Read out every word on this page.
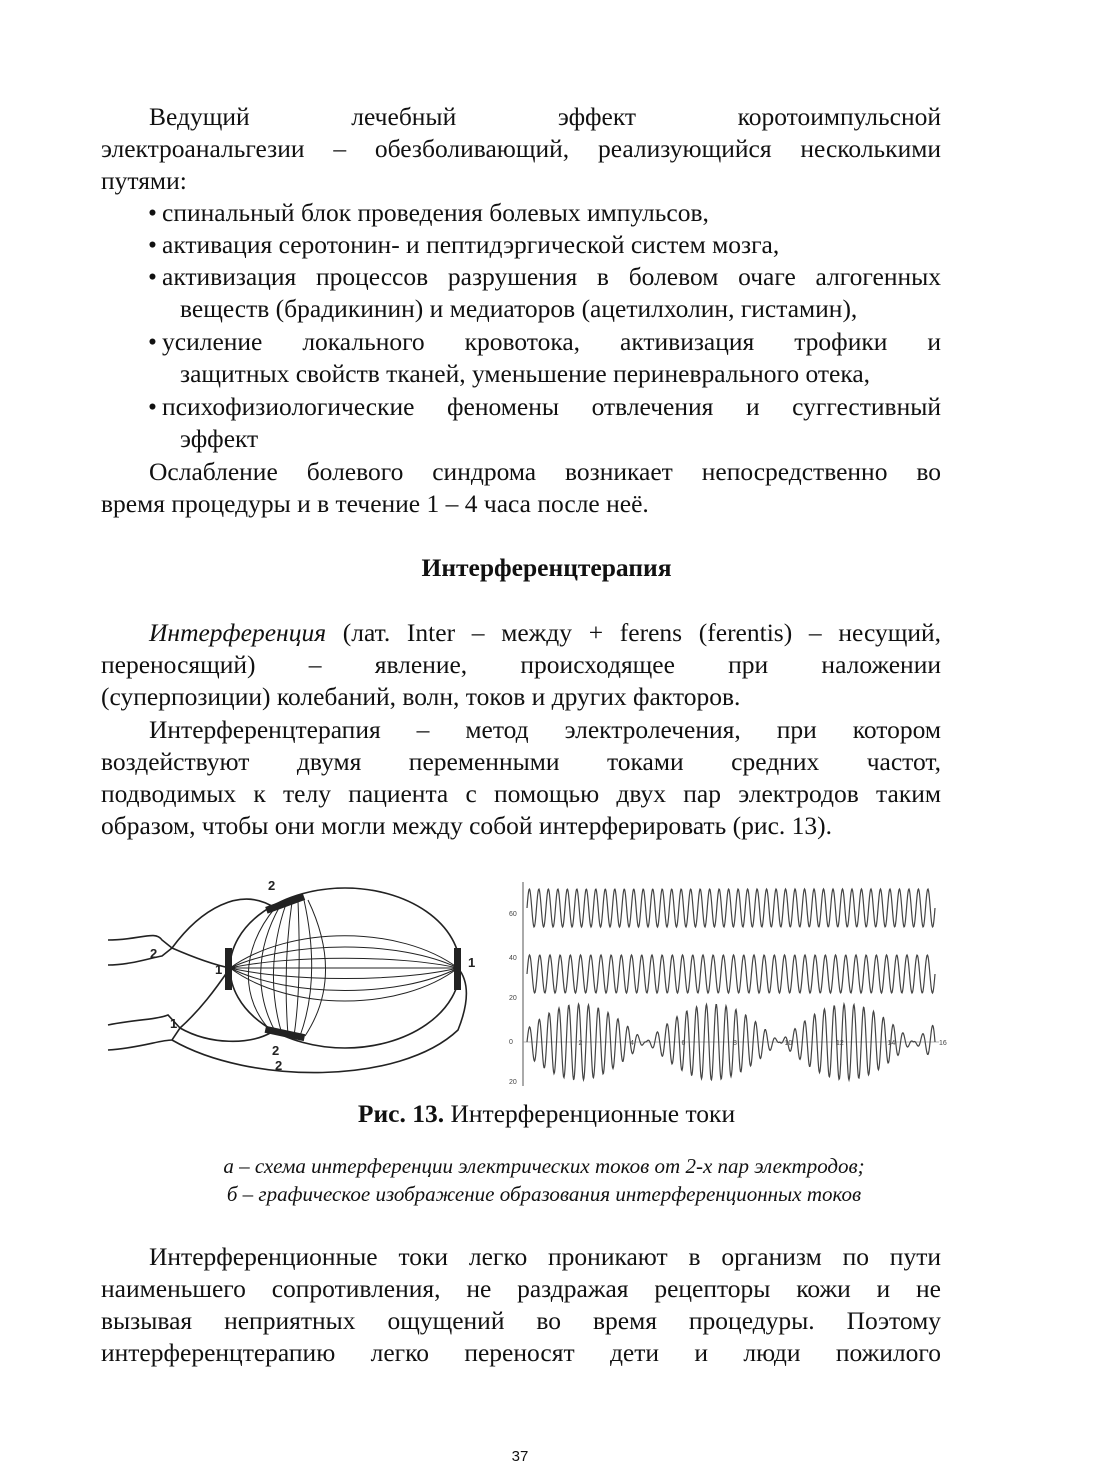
Ведущий	лечебный	эффект	коротоимпульсной
электроанальгезии – обезболивающий, реализующийся несколькими
путями:
• спинальный блок проведения болевых импульсов,
• активация серотонин- и пептидэргической систем мозга,
• активизация процессов разрушения в болевом очаге алгогенных
веществ (брадикинин) и медиаторов (ацетилхолин, гистамин),
• усиление локального кровотока, активизация трофики и
защитных свойств тканей, уменьшение периневрального отека,
• психофизиологические феномены отвлечения и суггестивный
эффект
Ослабление болевого синдрома возникает непосредственно во
время процедуры и в течение 1 – 4 часа после неё.
Интерференцтерапия
Интерференция (лат. Inter – между + ferens (ferentis) – несущий,
переносящий) – явление, происходящее при наложении
(суперпозиции) колебаний, волн, токов и других факторов.
Интерференцтерапия – метод электролечения, при котором
воздействуют двумя переменными токами средних частот,
подводимых к телу пациента с помощью двух пар электродов таким
образом, чтобы они могли между собой интерферировать (рис. 13).
2
2
1	1
1
2
2
60
40
20
0
20
2	4	6	8	10	12	14	16
Рис. 13. Интерференционные токи
а – схема интерференции электрических токов от 2-х пар электродов;
б – графическое изображение образования интерференционных токов
Интерференционные токи легко проникают в организм по пути
наименьшего сопротивления, не раздражая рецепторы кожи и не
вызывая неприятных ощущений во время процедуры. Поэтому
интерференцтерапию легко переносят дети и люди пожилого
37
